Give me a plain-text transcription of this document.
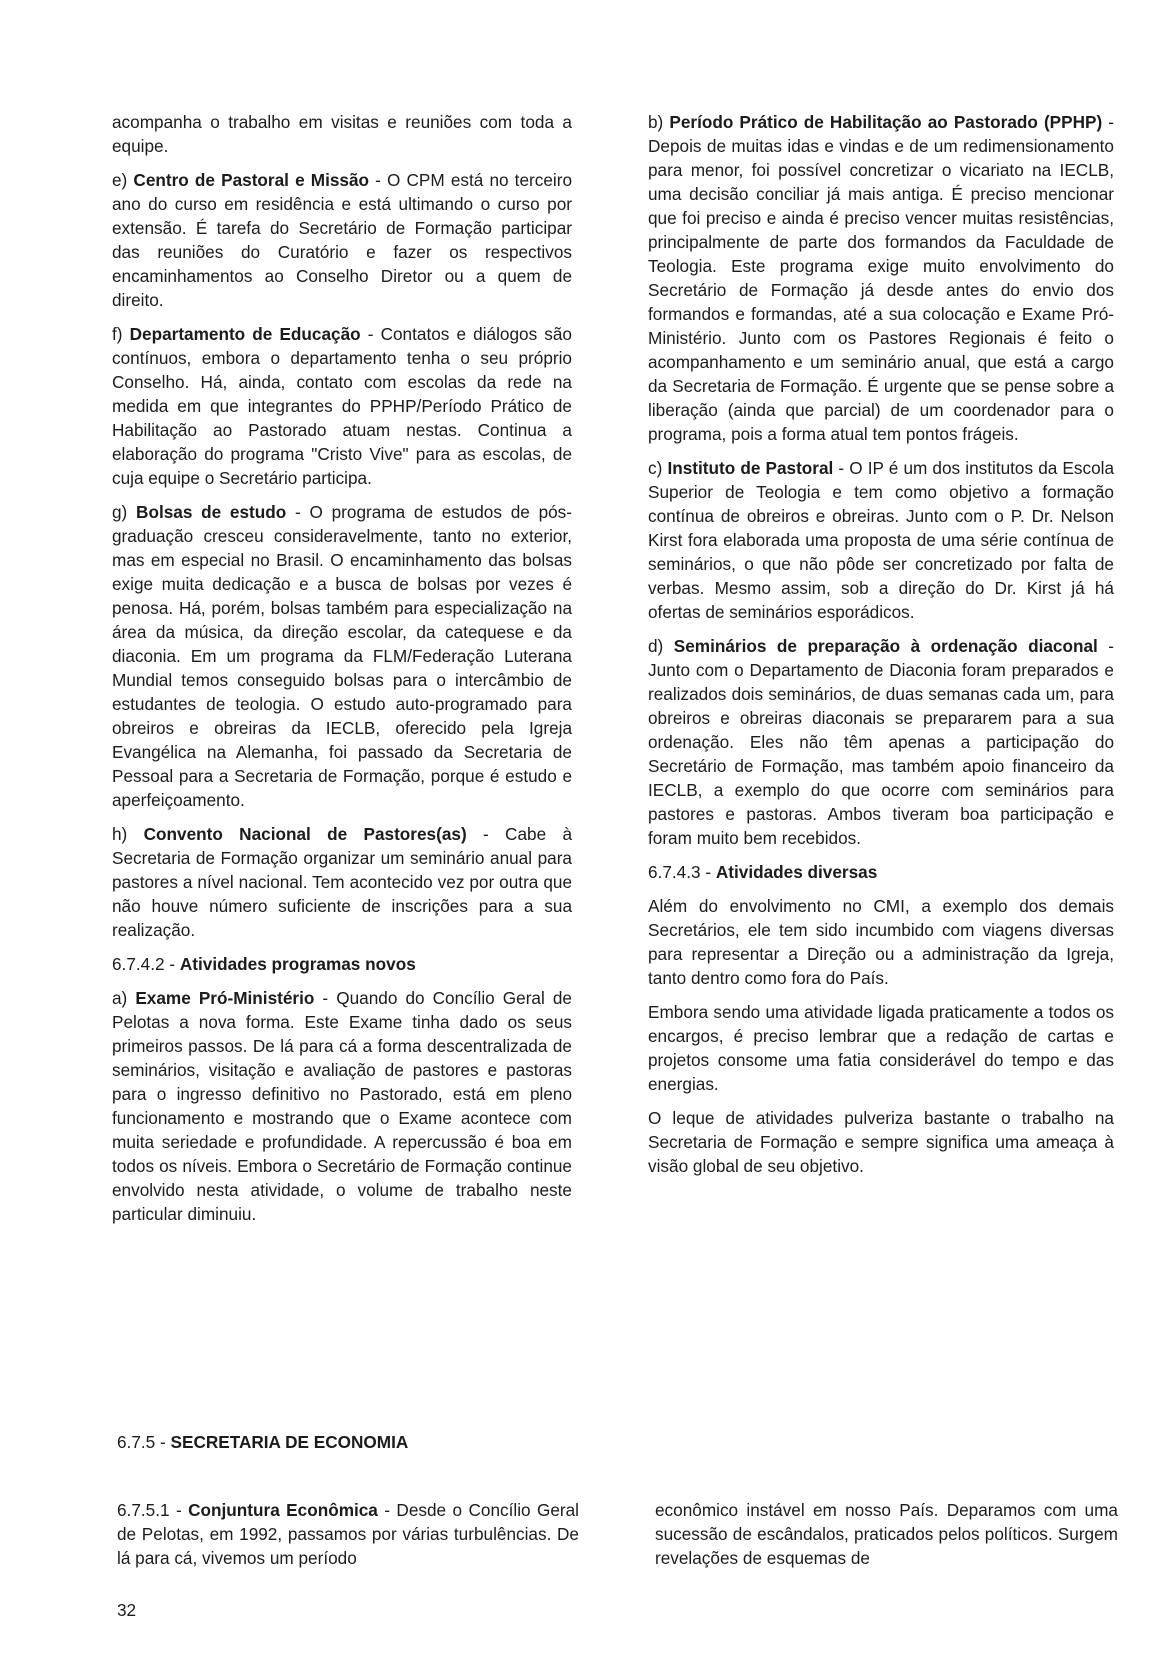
acompanha o trabalho em visitas e reuniões com toda a equipe.

e) Centro de Pastoral e Missão - O CPM está no terceiro ano do curso em residência e está ultimando o curso por extensão. É tarefa do Secretário de Formação participar das reuniões do Curatório e fazer os respectivos encaminhamentos ao Conselho Diretor ou a quem de direito.

f) Departamento de Educação - Contatos e diálogos são contínuos, embora o departamento tenha o seu próprio Conselho. Há, ainda, contato com escolas da rede na medida em que integrantes do PPHP/Período Prático de Habilitação ao Pastorado atuam nestas. Continua a elaboração do programa "Cristo Vive" para as escolas, de cuja equipe o Secretário participa.

g) Bolsas de estudo - O programa de estudos de pós-graduação cresceu consideravelmente, tanto no exterior, mas em especial no Brasil. O encaminhamento das bolsas exige muita dedicação e a busca de bolsas por vezes é penosa. Há, porém, bolsas também para especialização na área da música, da direção escolar, da catequese e da diaconia. Em um programa da FLM/Federação Luterana Mundial temos conseguido bolsas para o intercâmbio de estudantes de teologia. O estudo auto-programado para obreiros e obreiras da IECLB, oferecido pela Igreja Evangélica na Alemanha, foi passado da Secretaria de Pessoal para a Secretaria de Formação, porque é estudo e aperfeiçoamento.

h) Convento Nacional de Pastores(as) - Cabe à Secretaria de Formação organizar um seminário anual para pastores a nível nacional. Tem acontecido vez por outra que não houve número suficiente de inscrições para a sua realização.

6.7.4.2 - Atividades programas novos

a) Exame Pró-Ministério - Quando do Concílio Geral de Pelotas a nova forma. Este Exame tinha dado os seus primeiros passos. De lá para cá a forma descentralizada de seminários, visitação e avaliação de pastores e pastoras para o ingresso definitivo no Pastorado, está em pleno funcionamento e mostrando que o Exame acontece com muita seriedade e profundidade. A repercussão é boa em todos os níveis. Embora o Secretário de Formação continue envolvido nesta atividade, o volume de trabalho neste particular diminuiu.

b) Período Prático de Habilitação ao Pastorado (PPHP) - Depois de muitas idas e vindas e de um redimensionamento para menor, foi possível concretizar o vicariato na IECLB, uma decisão conciliar já mais antiga. É preciso mencionar que foi preciso e ainda é preciso vencer muitas resistências, principalmente de parte dos formandos da Faculdade de Teologia. Este programa exige muito envolvimento do Secretário de Formação já desde antes do envio dos formandos e formandas, até a sua colocação e Exame Pró-Ministério. Junto com os Pastores Regionais é feito o acompanhamento e um seminário anual, que está a cargo da Secretaria de Formação. É urgente que se pense sobre a liberação (ainda que parcial) de um coordenador para o programa, pois a forma atual tem pontos frágeis.

c) Instituto de Pastoral - O IP é um dos institutos da Escola Superior de Teologia e tem como objetivo a formação contínua de obreiros e obreiras. Junto com o P. Dr. Nelson Kirst fora elaborada uma proposta de uma série contínua de seminários, o que não pôde ser concretizado por falta de verbas. Mesmo assim, sob a direção do Dr. Kirst já há ofertas de seminários esporádicos.

d) Seminários de preparação à ordenação diaconal - Junto com o Departamento de Diaconia foram preparados e realizados dois seminários, de duas semanas cada um, para obreiros e obreiras diaconais se prepararem para a sua ordenação. Eles não têm apenas a participação do Secretário de Formação, mas também apoio financeiro da IECLB, a exemplo do que ocorre com seminários para pastores e pastoras. Ambos tiveram boa participação e foram muito bem recebidos.

6.7.4.3 - Atividades diversas

Além do envolvimento no CMI, a exemplo dos demais Secretários, ele tem sido incumbido com viagens diversas para representar a Direção ou a administração da Igreja, tanto dentro como fora do País.

Embora sendo uma atividade ligada praticamente a todos os encargos, é preciso lembrar que a redação de cartas e projetos consome uma fatia considerável do tempo e das energias.

O leque de atividades pulveriza bastante o trabalho na Secretaria de Formação e sempre significa uma ameaça à visão global de seu objetivo.

6.7.5 - SECRETARIA DE ECONOMIA

6.7.5.1 - Conjuntura Econômica - Desde o Concílio Geral de Pelotas, em 1992, passamos por várias turbulências. De lá para cá, vivemos um período

econômico instável em nosso País. Deparamos com uma sucessão de escândalos, praticados pelos políticos. Surgem revelações de esquemas de

32
